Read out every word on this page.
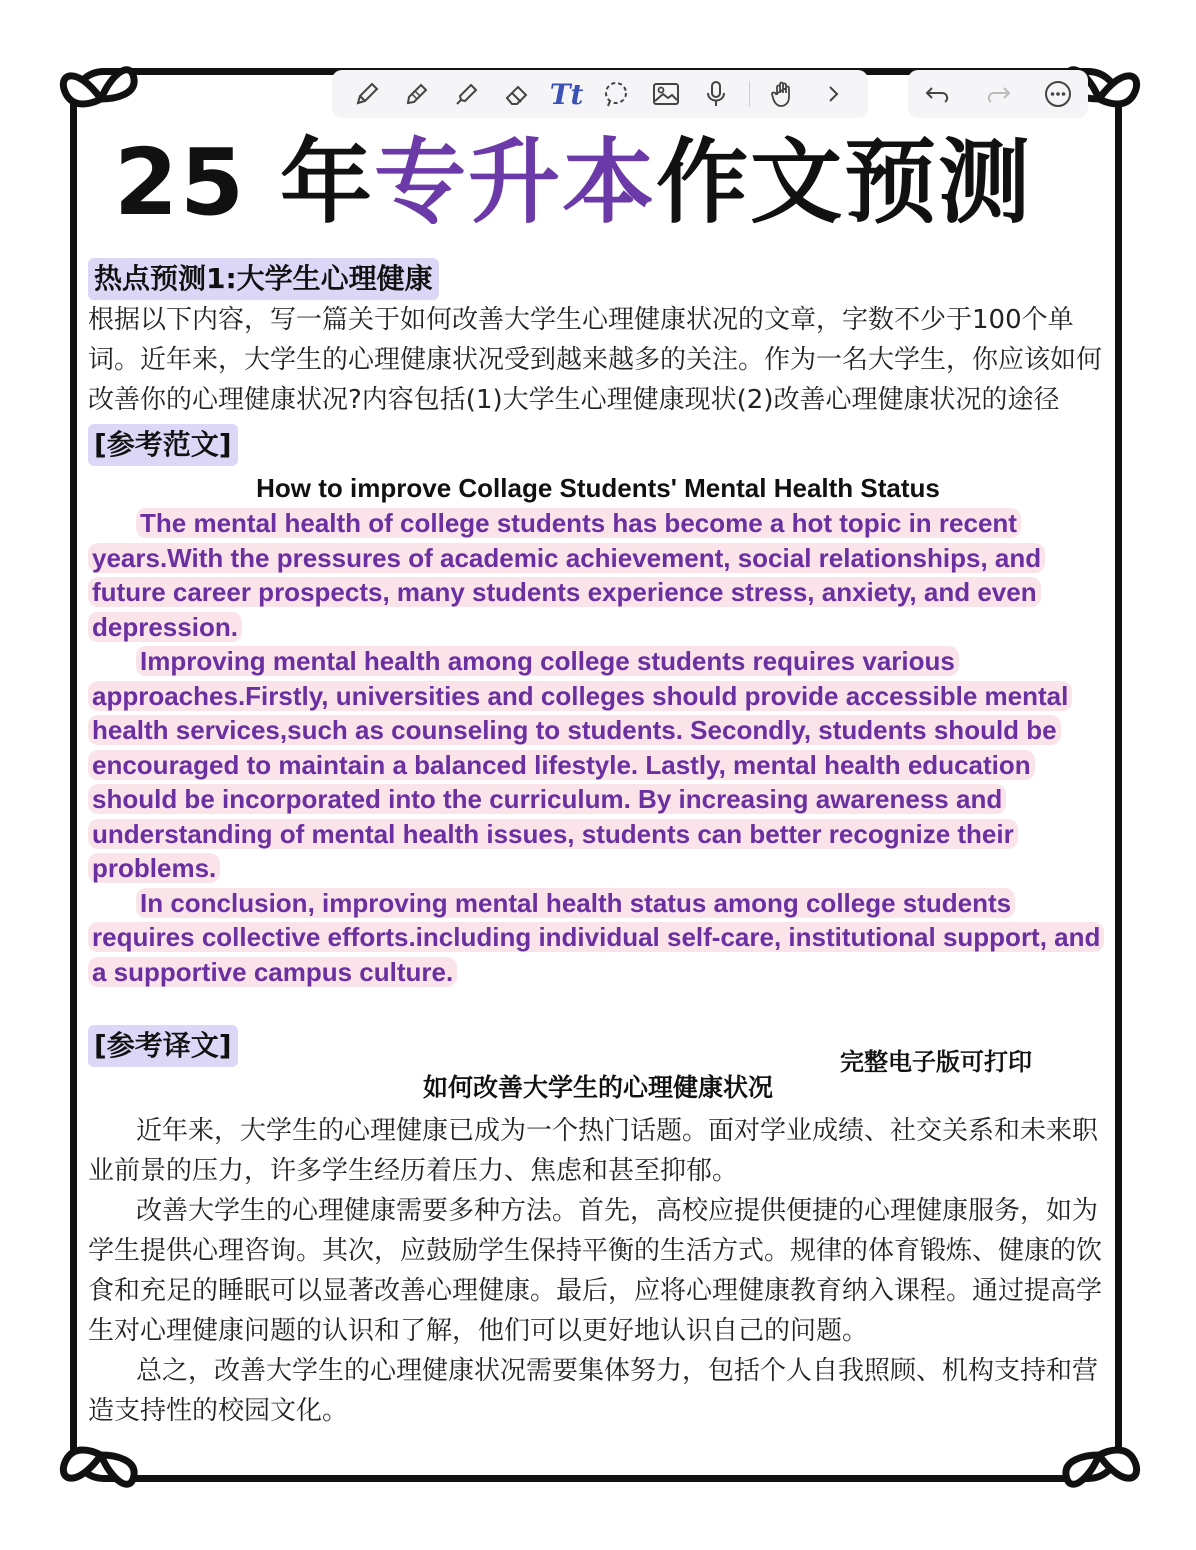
Tt
25 年专升本作文预测
热点预测1:大学生心理健康

根据以下内容，写一篇关于如何改善大学生心理健康状况的文章，字数不少于100个单词。近年来，大学生的心理健康状况受到越来越多的关注。作为一名大学生，你应该如何改善你的心理健康状况?内容包括(1)大学生心理健康现状(2)改善心理健康状况的途径

[参考范文]

How to improve Collage Students' Mental Health Status

The mental health of college students has become a hot topic in recent years.With the pressures of academic achievement, social relationships, and future career prospects, many students experience stress, anxiety, and even depression.

Improving mental health among college students requires various approaches.Firstly, universities and colleges should provide accessible mental health services,such as counseling to students. Secondly, students should be encouraged to maintain a balanced lifestyle. Lastly, mental health education should be incorporated into the curriculum. By increasing awareness and understanding of mental health issues, students can better recognize their problems.

In conclusion, improving mental health status among college students requires collective efforts.including individual self-care, institutional support, and a supportive campus culture.

[参考译文]

如何改善大学生的心理健康状况

近年来，大学生的心理健康已成为一个热门话题。面对学业成绩、社交关系和未来职业前景的压力，许多学生经历着压力、焦虑和甚至抑郁。

改善大学生的心理健康需要多种方法。首先，高校应提供便捷的心理健康服务，如为学生提供心理咨询。其次，应鼓励学生保持平衡的生活方式。规律的体育锻炼、健康的饮食和充足的睡眠可以显著改善心理健康。最后，应将心理健康教育纳入课程。通过提高学生对心理健康问题的认识和了解，他们可以更好地认识自己的问题。

总之，改善大学生的心理健康状况需要集体努力，包括个人自我照顾、机构支持和营造支持性的校园文化。

完整电子版可打印
